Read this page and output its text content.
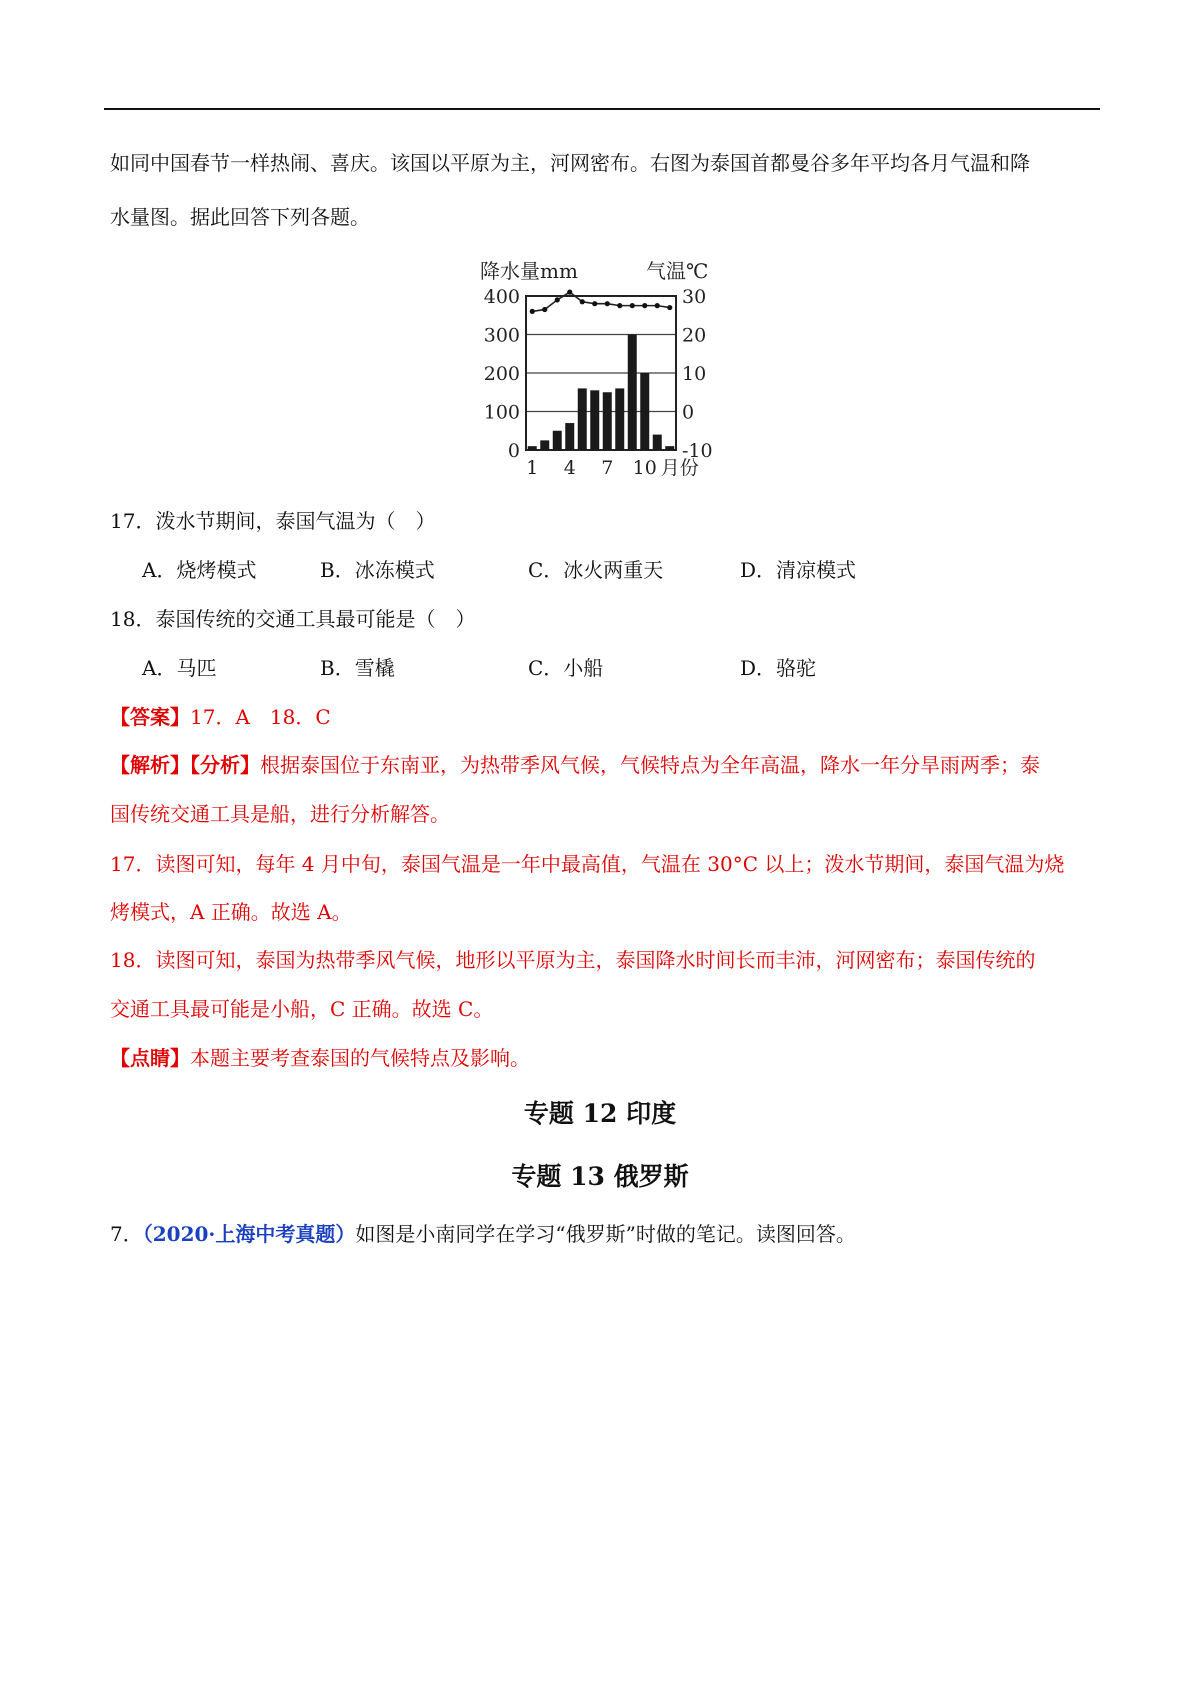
如同中国春节一样热闹、喜庆。该国以平原为主，河网密布。右图为泰国首都曼谷多年平均各月气温和降
水量图。据此回答下列各题。
降水量mm	气温℃
400
300
200
100
0
30
20
10
0
-10
1 4 7 10 月份
17．泼水节期间，泰国气温为（　）
A．烧烤模式	B．冰冻模式	C．冰火两重天	D．清凉模式
18．泰国传统的交通工具最可能是（　）
A．马匹	B．雪橇	C．小船	D．骆驼
【答案】17．A　18．C
【解析】【分析】根据泰国位于东南亚，为热带季风气候，气候特点为全年高温，降水一年分旱雨两季；泰
国传统交通工具是船，进行分析解答。
17．读图可知，每年 4 月中旬，泰国气温是一年中最高值，气温在 30°C 以上；泼水节期间，泰国气温为烧
烤模式，A 正确。故选 A。
18．读图可知，泰国为热带季风气候，地形以平原为主，泰国降水时间长而丰沛，河网密布；泰国传统的
交通工具最可能是小船，C 正确。故选 C。
【点睛】本题主要考查泰国的气候特点及影响。
专题 12 印度
专题 13 俄罗斯
7．（2020·上海中考真题）如图是小南同学在学习“俄罗斯”时做的笔记。读图回答。
